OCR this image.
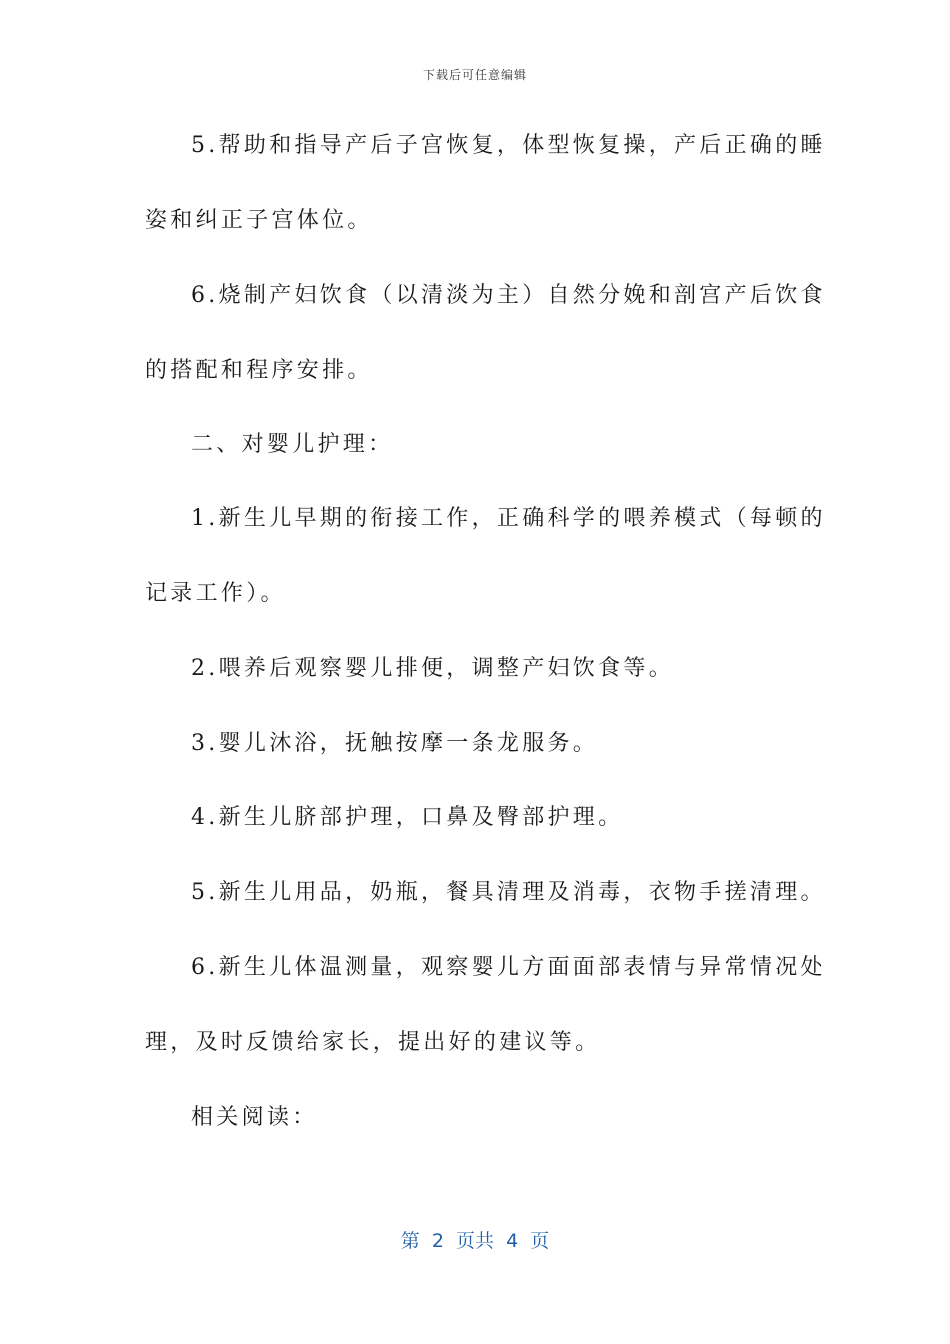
下载后可任意编辑
5.帮助和指导产后子宫恢复，体型恢复操，产后正确的睡
姿和纠正子宫体位。
6.烧制产妇饮食（以清淡为主）自然分娩和剖宫产后饮食
的搭配和程序安排。
二、对婴儿护理：
1.新生儿早期的衔接工作，正确科学的喂养模式（每顿的
记录工作）。
2.喂养后观察婴儿排便，调整产妇饮食等。
3.婴儿沐浴，抚触按摩一条龙服务。
4.新生儿脐部护理，口鼻及臀部护理。
5.新生儿用品，奶瓶，餐具清理及消毒，衣物手搓清理。
6.新生儿体温测量，观察婴儿方面面部表情与异常情况处
理，及时反馈给家长，提出好的建议等。
相关阅读：
第  2  页共  4  页
